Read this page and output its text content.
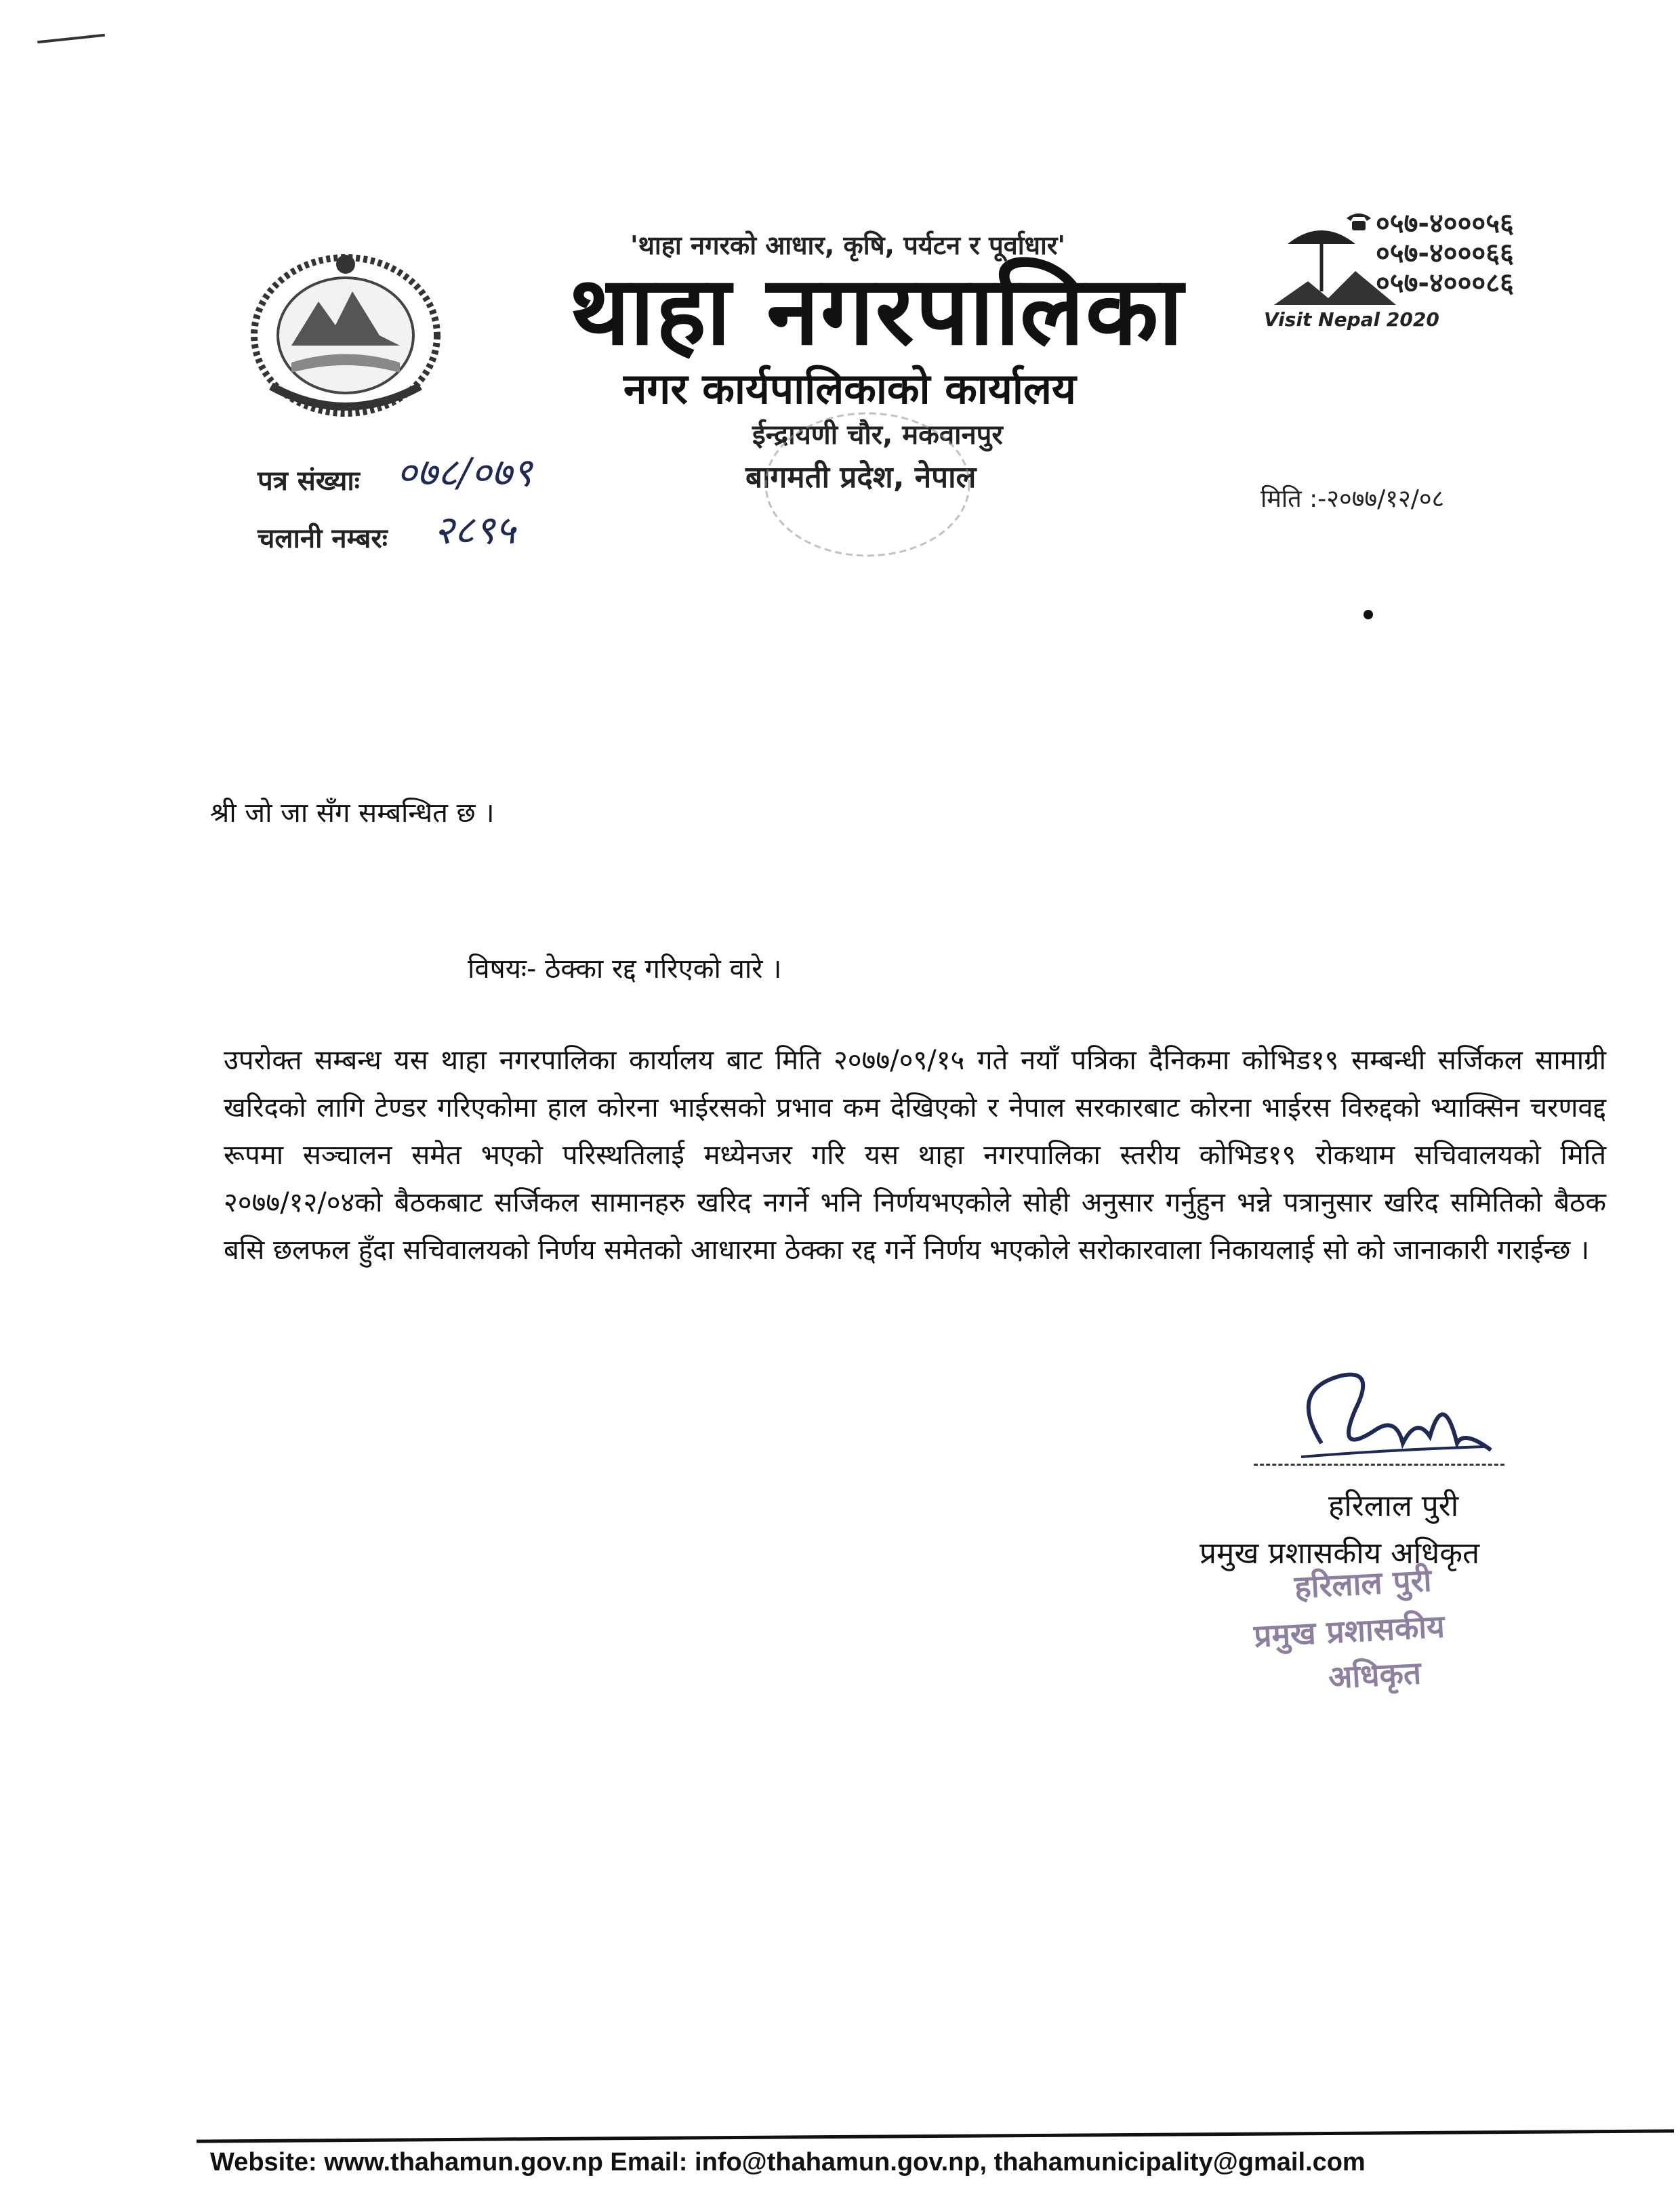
'थाहा नगरको आधार, कृषि, पर्यटन र पूर्वाधार'
थाहा नगरपालिका
नगर कार्यपालिकाको कार्यालय
ईन्द्रायणी चौर, मकवानपुर
बागमती प्रदेश, नेपाल
Visit Nepal 2020
०५७-४०००५६
०५७-४०००६६
०५७-४०००८६
पत्र संख्याः ०७८/०७९
चलानी नम्बरः २८९५
मिति :-२०७७/१२/०८
श्री जो जा सँग सम्बन्धित छ ।
विषयः- ठेक्का रद्द गरिएको वारे ।
उपरोक्त सम्बन्ध यस थाहा नगरपालिका कार्यालय बाट मिति २०७७/०९/१५ गते नयाँ पत्रिका दैनिकमा कोभिड१९ सम्बन्धी सर्जिकल सामाग्री खरिदको लागि टेण्डर गरिएकोमा हाल कोरना भाईरसको प्रभाव कम देखिएको र नेपाल सरकारबाट कोरना भाईरस विरुद्दको भ्याक्सिन चरणवद्द रूपमा सञ्चालन समेत भएको परिस्थतिलाई मध्येनजर गरि यस थाहा नगरपालिका स्तरीय कोभिड१९ रोकथाम सचिवालयको मिति २०७७/१२/०४को बैठकबाट सर्जिकल सामानहरु खरिद नगर्ने भनि निर्णयभएकोले सोही अनुसार गर्नुहुन भन्ने पत्रानुसार खरिद समितिको बैठक बसि छलफल हुँदा सचिवालयको निर्णय समेतको आधारमा ठेक्का रद्द गर्ने निर्णय भएकोले सरोकारवाला निकायलाई सो को जानाकारी गराईन्छ ।
हरिलाल पुरी
प्रमुख प्रशासकीय अधिकृत
हरिलाल पुरी
प्रमुख प्रशासकीय
अधिकृत
Website: www.thahamun.gov.np Email: info@thahamun.gov.np, thahamunicipality@gmail.com
